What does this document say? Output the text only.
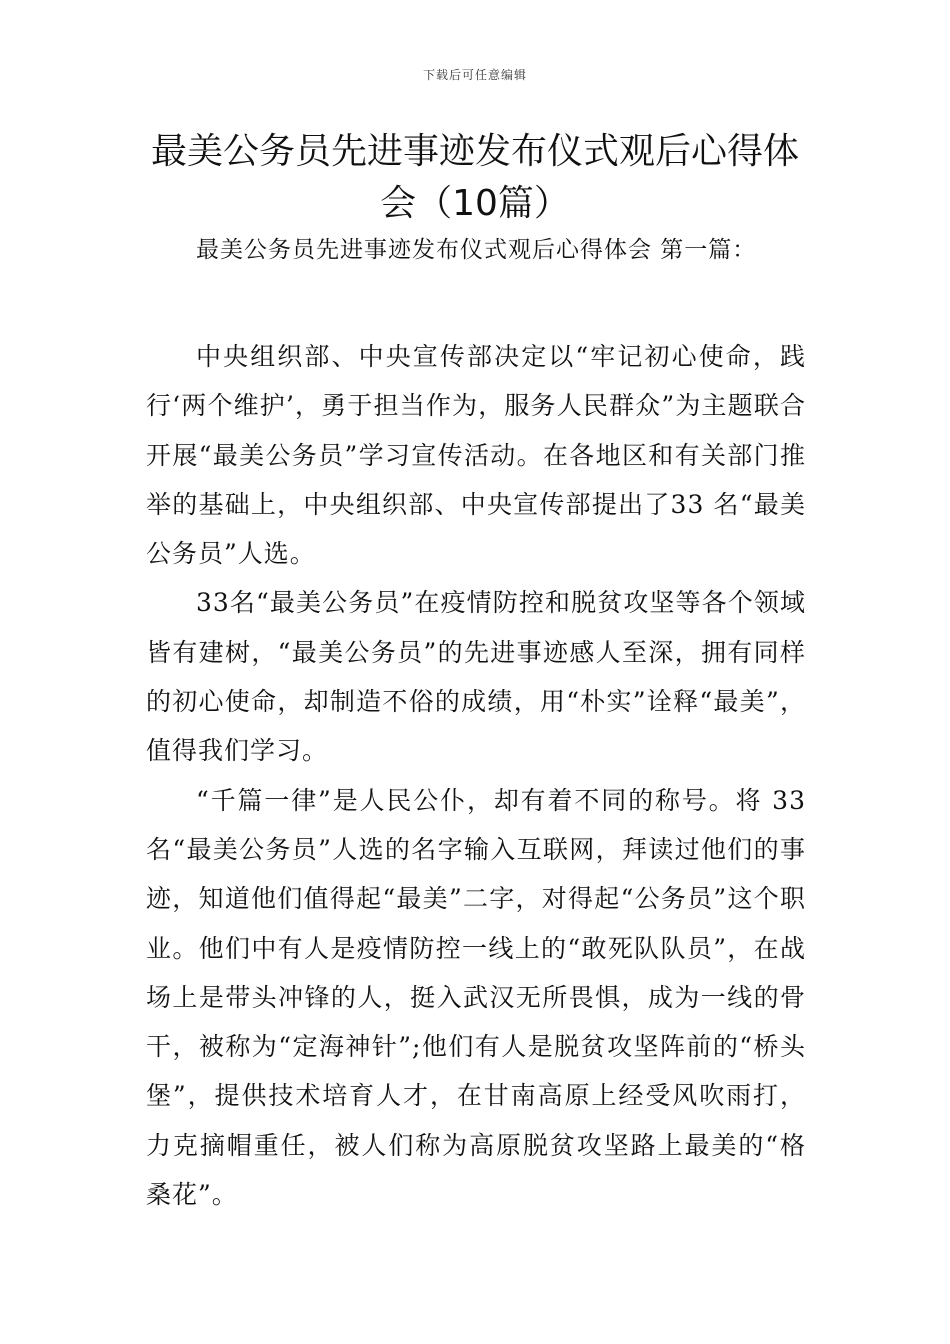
下载后可任意编辑
最美公务员先进事迹发布仪式观后心得体会（10篇）

最美公务员先进事迹发布仪式观后心得体会 第一篇：

中央组织部、中央宣传部决定以“牢记初心使命，践行‘两个维护’，勇于担当作为，服务人民群众”为主题联合开展“最美公务员”学习宣传活动。在各地区和有关部门推举的基础上，中央组织部、中央宣传部提出了33 名“最美公务员”人选。

33名“最美公务员”在疫情防控和脱贫攻坚等各个领域皆有建树，“最美公务员”的先进事迹感人至深，拥有同样的初心使命，却制造不俗的成绩，用“朴实”诠释“最美”，值得我们学习。

“千篇一律”是人民公仆，却有着不同的称号。将 33名“最美公务员”人选的名字输入互联网，拜读过他们的事迹，知道他们值得起“最美”二字，对得起“公务员”这个职业。他们中有人是疫情防控一线上的“敢死队队员”，在战场上是带头冲锋的人，挺入武汉无所畏惧，成为一线的骨干，被称为“定海神针”;他们有人是脱贫攻坚阵前的“桥头堡”，提供技术培育人才，在甘南高原上经受风吹雨打，力克摘帽重任，被人们称为高原脱贫攻坚路上最美的“格桑花”。
